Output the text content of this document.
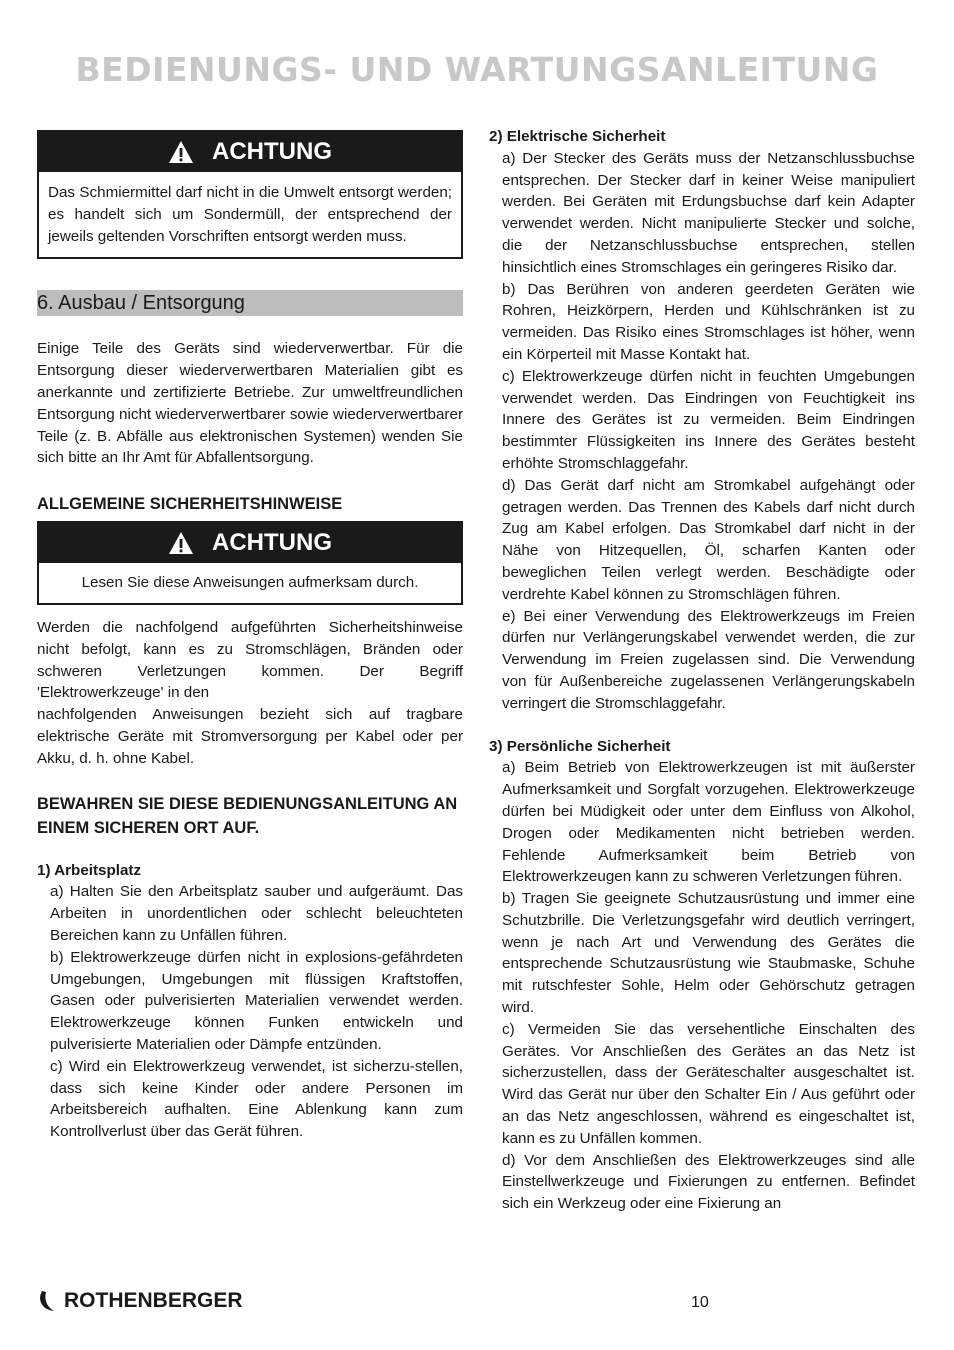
BEDIENUNGS- UND WARTUNGSANLEITUNG
ACHTUNG
Das Schmiermittel darf nicht in die Umwelt entsorgt werden; es handelt sich um Sondermüll, der entsprechend der jeweils geltenden Vorschriften entsorgt werden muss.
6. Ausbau / Entsorgung

Einige Teile des Geräts sind wiederverwertbar. Für die Entsorgung dieser wiederverwertbaren Materialien gibt es anerkannte und zertifizierte Betriebe. Zur umweltfreundlichen Entsorgung nicht wiederverwertbarer sowie wiederverwertbarer Teile (z. B. Abfälle aus elektronischen Systemen) wenden Sie sich bitte an Ihr Amt für Abfallentsorgung.

ALLGEMEINE SICHERHEITSHINWEISE
ACHTUNG
Lesen Sie diese Anweisungen aufmerksam durch.

Werden die nachfolgend aufgeführten Sicherheitshinweise nicht befolgt, kann es zu Stromschlägen, Bränden oder schweren Verletzungen kommen. Der Begriff 'Elektrowerkzeuge' in den

nachfolgenden Anweisungen bezieht sich auf tragbare elektrische Geräte mit Stromversorgung per Kabel oder per Akku, d. h. ohne Kabel.

BEWAHREN SIE DIESE BEDIENUNGSANLEITUNG AN EINEM SICHEREN ORT AUF.
1) Arbeitsplatz

a) Halten Sie den Arbeitsplatz sauber und aufgeräumt. Das Arbeiten in unordentlichen oder schlecht beleuchteten Bereichen kann zu Unfällen führen.

b) Elektrowerkzeuge dürfen nicht in explosions-gefährdeten Umgebungen, Umgebungen mit flüssigen Kraftstoffen, Gasen oder pulverisierten Materialien verwendet werden. Elektrowerkzeuge können Funken entwickeln und pulverisierte Materialien oder Dämpfe entzünden.

c) Wird ein Elektrowerkzeug verwendet, ist sicherzu-stellen, dass sich keine Kinder oder andere Personen im Arbeitsbereich aufhalten. Eine Ablenkung kann zum Kontrollverlust über das Gerät führen.

2) Elektrische Sicherheit

a) Der Stecker des Geräts muss der Netzanschlussbuchse entsprechen. Der Stecker darf in keiner Weise manipuliert werden. Bei Geräten mit Erdungsbuchse darf kein Adapter verwendet werden. Nicht manipulierte Stecker und solche, die der Netzanschlussbuchse entsprechen, stellen hinsichtlich eines Stromschlages ein geringeres Risiko dar.

b) Das Berühren von anderen geerdeten Geräten wie Rohren, Heizkörpern, Herden und Kühlschränken ist zu vermeiden. Das Risiko eines Stromschlages ist höher, wenn ein Körperteil mit Masse Kontakt hat.

c) Elektrowerkzeuge dürfen nicht in feuchten Umgebungen verwendet werden. Das Eindringen von Feuchtigkeit ins Innere des Gerätes ist zu vermeiden. Beim Eindringen bestimmter Flüssigkeiten ins Innere des Gerätes besteht erhöhte Stromschlaggefahr.

d) Das Gerät darf nicht am Stromkabel aufgehängt oder getragen werden. Das Trennen des Kabels darf nicht durch Zug am Kabel erfolgen. Das Stromkabel darf nicht in der Nähe von Hitzequellen, Öl, scharfen Kanten oder beweglichen Teilen verlegt werden. Beschädigte oder verdrehte Kabel können zu Stromschlägen führen.

e) Bei einer Verwendung des Elektrowerkzeugs im Freien dürfen nur Verlängerungskabel verwendet werden, die zur Verwendung im Freien zugelassen sind. Die Verwendung von für Außenbereiche zugelassenen Verlängerungskabeln verringert die Stromschlaggefahr.

3) Persönliche Sicherheit

a) Beim Betrieb von Elektrowerkzeugen ist mit äußerster Aufmerksamkeit und Sorgfalt vorzugehen. Elektrowerkzeuge dürfen bei Müdigkeit oder unter dem Einfluss von Alkohol, Drogen oder Medikamenten nicht betrieben werden. Fehlende Aufmerksamkeit beim Betrieb von Elektrowerkzeugen kann zu schweren Verletzungen führen.

b) Tragen Sie geeignete Schutzausrüstung und immer eine Schutzbrille. Die Verletzungsgefahr wird deutlich verringert, wenn je nach Art und Verwendung des Gerätes die entsprechende Schutzausrüstung wie Staubmaske, Schuhe mit rutschfester Sohle, Helm oder Gehörschutz getragen wird.

c) Vermeiden Sie das versehentliche Einschalten des Gerätes. Vor Anschließen des Gerätes an das Netz ist sicherzustellen, dass der Geräteschalter ausgeschaltet ist. Wird das Gerät nur über den Schalter Ein / Aus geführt oder an das Netz angeschlossen, während es eingeschaltet ist, kann es zu Unfällen kommen.

d) Vor dem Anschließen des Elektrowerkzeuges sind alle Einstellwerkzeuge und Fixierungen zu entfernen. Befindet sich ein Werkzeug oder eine Fixierung an

ROTHENBERGER	10
